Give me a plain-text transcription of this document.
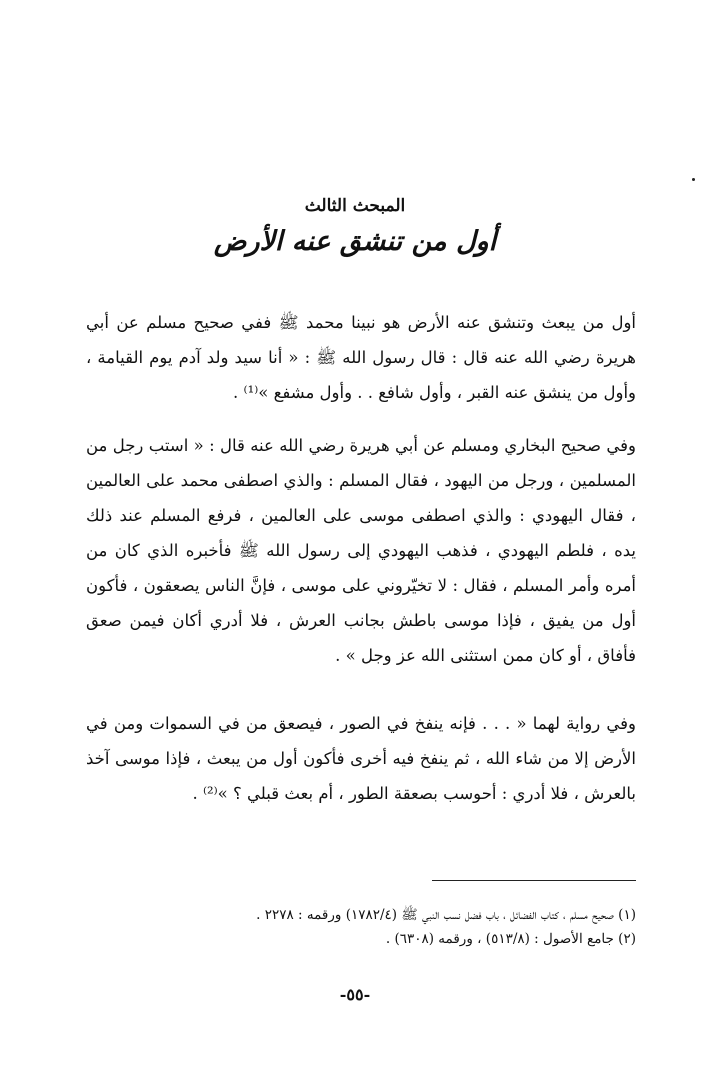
المبحث الثالث
أول من تنشق عنه الأرض
أول من يبعث وتنشق عنه الأرض هو نبينا محمد ﷺ ففي صحيح مسلم عن أبي هريرة رضي الله عنه قال : قال رسول الله ﷺ : « أنا سيد ولد آدم يوم القيامة ، وأول من ينشق عنه القبر ، وأول شافع . . وأول مشفع »⁽¹⁾ .
وفي صحيح البخاري ومسلم عن أبي هريرة رضي الله عنه قال : « استب رجل من المسلمين ، ورجل من اليهود ، فقال المسلم : والذي اصطفى محمد على العالمين ، فقال اليهودي : والذي اصطفى موسى على العالمين ، فرفع المسلم عند ذلك يده ، فلطم اليهودي ، فذهب اليهودي إلى رسول الله ﷺ فأخبره الذي كان من أمره وأمر المسلم ، فقال : لا تخيّروني على موسى ، فإنَّ الناس يصعقون ، فأكون أول من يفيق ، فإذا موسى باطش بجانب العرش ، فلا أدري أكان فيمن صعق فأفاق ، أو كان ممن استثنى الله عز وجل » .
وفي رواية لهما « . . . فإنه ينفخ في الصور ، فيصعق من في السموات ومن في الأرض إلا من شاء الله ، ثم ينفخ فيه أخرى فأكون أول من يبعث ، فإذا موسى آخذ بالعرش ، فلا أدري : أحوسب بصعقة الطور ، أم بعث قبلي ؟ »⁽²⁾ .
(١) صحيح مسلم ، كتاب الفضائل ، باب فضل نسب النبي ﷺ (١٧٨٢/٤) ورقمه : ٢٢٧٨ .
(٢) جامع الأصول : (٥١٣/٨) ، ورقمه (٦٣٠٨) .
-٥٥-
